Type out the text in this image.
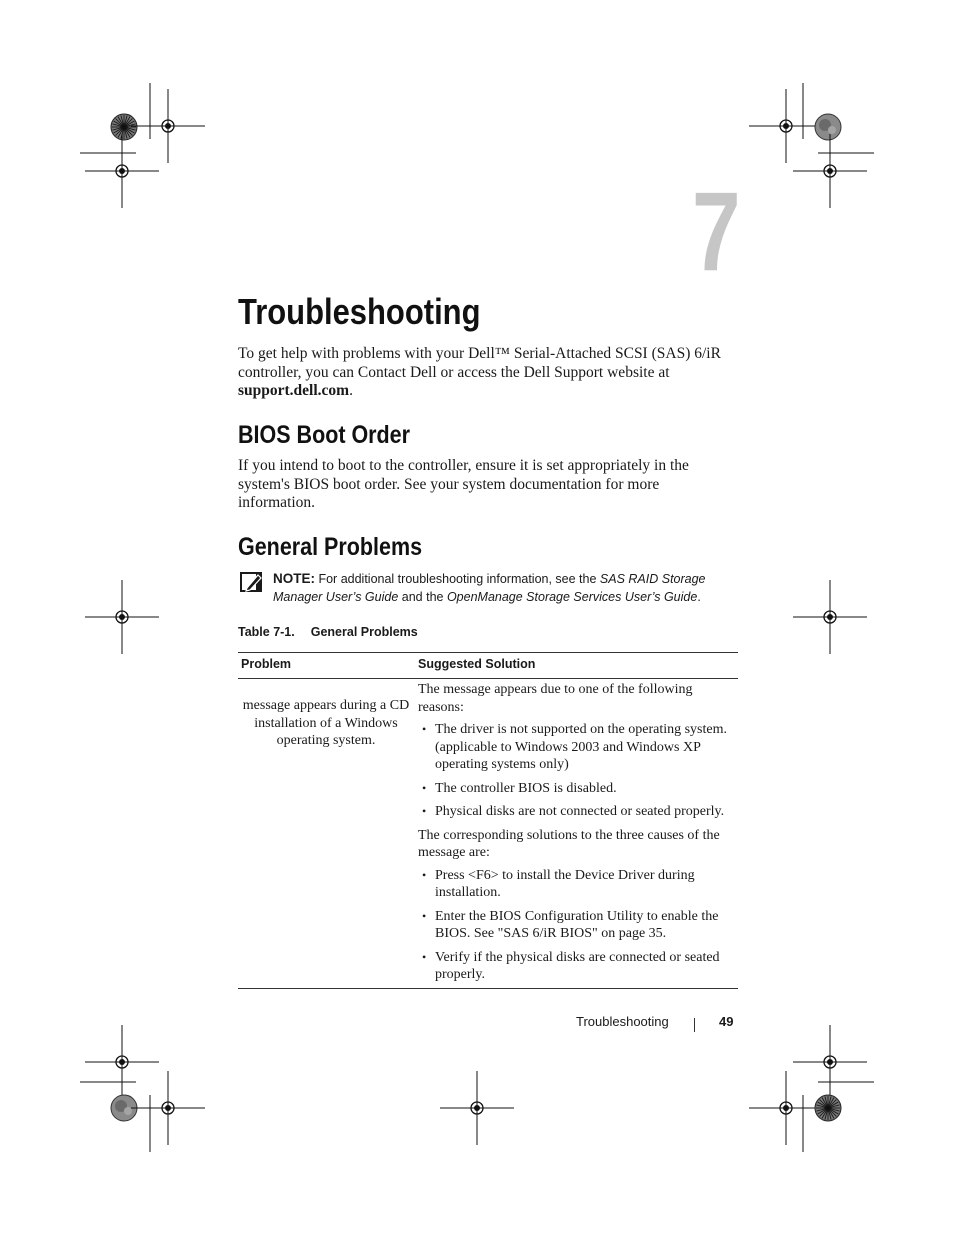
7
Troubleshooting
To get help with problems with your Dell™ Serial-Attached SCSI (SAS) 6/iR controller, you can Contact Dell or access the Dell Support website at support.dell.com.
BIOS Boot Order
If you intend to boot to the controller, ensure it is set appropriately in the system's BIOS boot order. See your system documentation for more information.
General Problems
NOTE: For additional troubleshooting information, see the SAS RAID Storage Manager User’s Guide and the OpenManage Storage Services User’s Guide.
Table 7-1. General Problems
Problem	Suggested Solution
message appears during a CD installation of a Windows operating system.

The message appears due to one of the following reasons:

• The driver is not supported on the operating system. (applicable to Windows 2003 and Windows XP operating systems only)
• The controller BIOS is disabled.
• Physical disks are not connected or seated properly.

The corresponding solutions to the three causes of the message are:

• Press <F6> to install the Device Driver during installation.
• Enter the BIOS Configuration Utility to enable the BIOS. See "SAS 6/iR BIOS" on page 35.
• Verify if the physical disks are connected or seated properly.
Troubleshooting	49
